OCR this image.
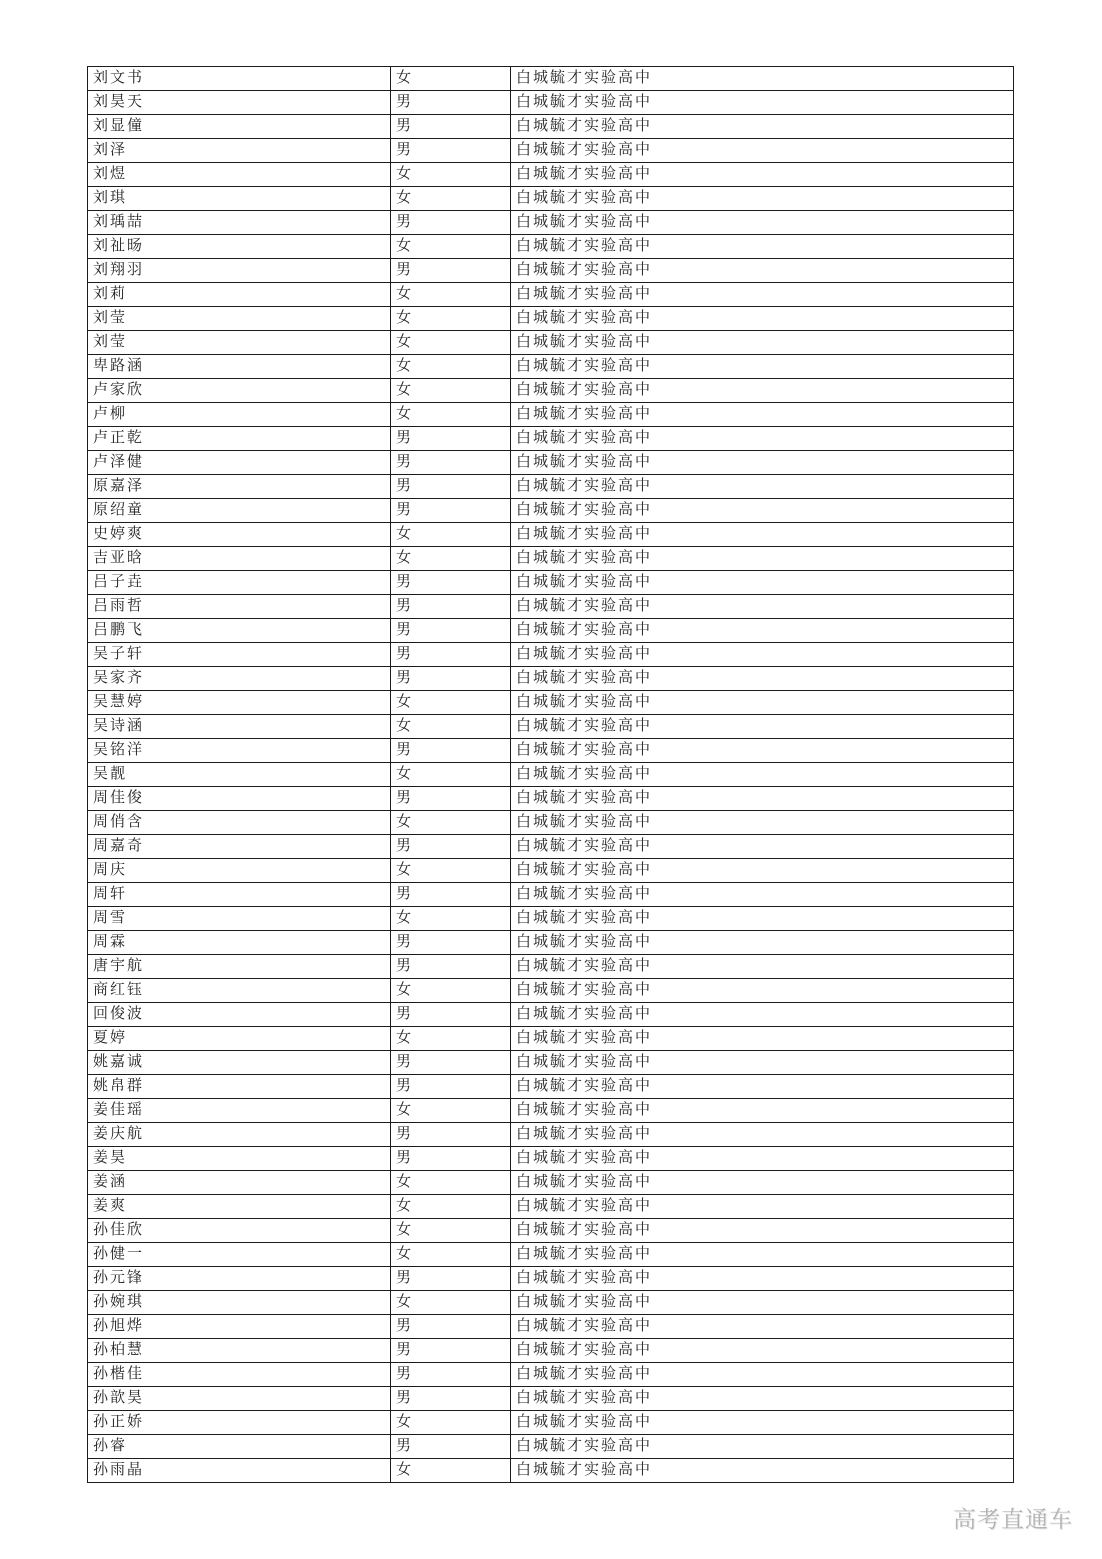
刘文书	女	白城毓才实验高中
刘昊天	男	白城毓才实验高中
刘显僮	男	白城毓才实验高中
刘泽	男	白城毓才实验高中
刘煜	女	白城毓才实验高中
刘琪	女	白城毓才实验高中
刘瑀喆	男	白城毓才实验高中
刘祉旸	女	白城毓才实验高中
刘翔羽	男	白城毓才实验高中
刘莉	女	白城毓才实验高中
刘莹	女	白城毓才实验高中
刘莹	女	白城毓才实验高中
卑路涵	女	白城毓才实验高中
卢家欣	女	白城毓才实验高中
卢柳	女	白城毓才实验高中
卢正乾	男	白城毓才实验高中
卢泽健	男	白城毓才实验高中
原嘉泽	男	白城毓才实验高中
原绍童	男	白城毓才实验高中
史婷爽	女	白城毓才实验高中
吉亚晗	女	白城毓才实验高中
吕子垚	男	白城毓才实验高中
吕雨哲	男	白城毓才实验高中
吕鹏飞	男	白城毓才实验高中
吴子轩	男	白城毓才实验高中
吴家齐	男	白城毓才实验高中
吴慧婷	女	白城毓才实验高中
吴诗涵	女	白城毓才实验高中
吴铭洋	男	白城毓才实验高中
吴靓	女	白城毓才实验高中
周佳俊	男	白城毓才实验高中
周俏含	女	白城毓才实验高中
周嘉奇	男	白城毓才实验高中
周庆	女	白城毓才实验高中
周轩	男	白城毓才实验高中
周雪	女	白城毓才实验高中
周霖	男	白城毓才实验高中
唐宇航	男	白城毓才实验高中
商红钰	女	白城毓才实验高中
回俊波	男	白城毓才实验高中
夏婷	女	白城毓才实验高中
姚嘉诚	男	白城毓才实验高中
姚帛群	男	白城毓才实验高中
姜佳瑶	女	白城毓才实验高中
姜庆航	男	白城毓才实验高中
姜昊	男	白城毓才实验高中
姜涵	女	白城毓才实验高中
姜爽	女	白城毓才实验高中
孙佳欣	女	白城毓才实验高中
孙健一	女	白城毓才实验高中
孙元锋	男	白城毓才实验高中
孙婉琪	女	白城毓才实验高中
孙旭烨	男	白城毓才实验高中
孙柏慧	男	白城毓才实验高中
孙楷佳	男	白城毓才实验高中
孙歆昊	男	白城毓才实验高中
孙正娇	女	白城毓才实验高中
孙睿	男	白城毓才实验高中
孙雨晶	女	白城毓才实验高中
高考直通车
